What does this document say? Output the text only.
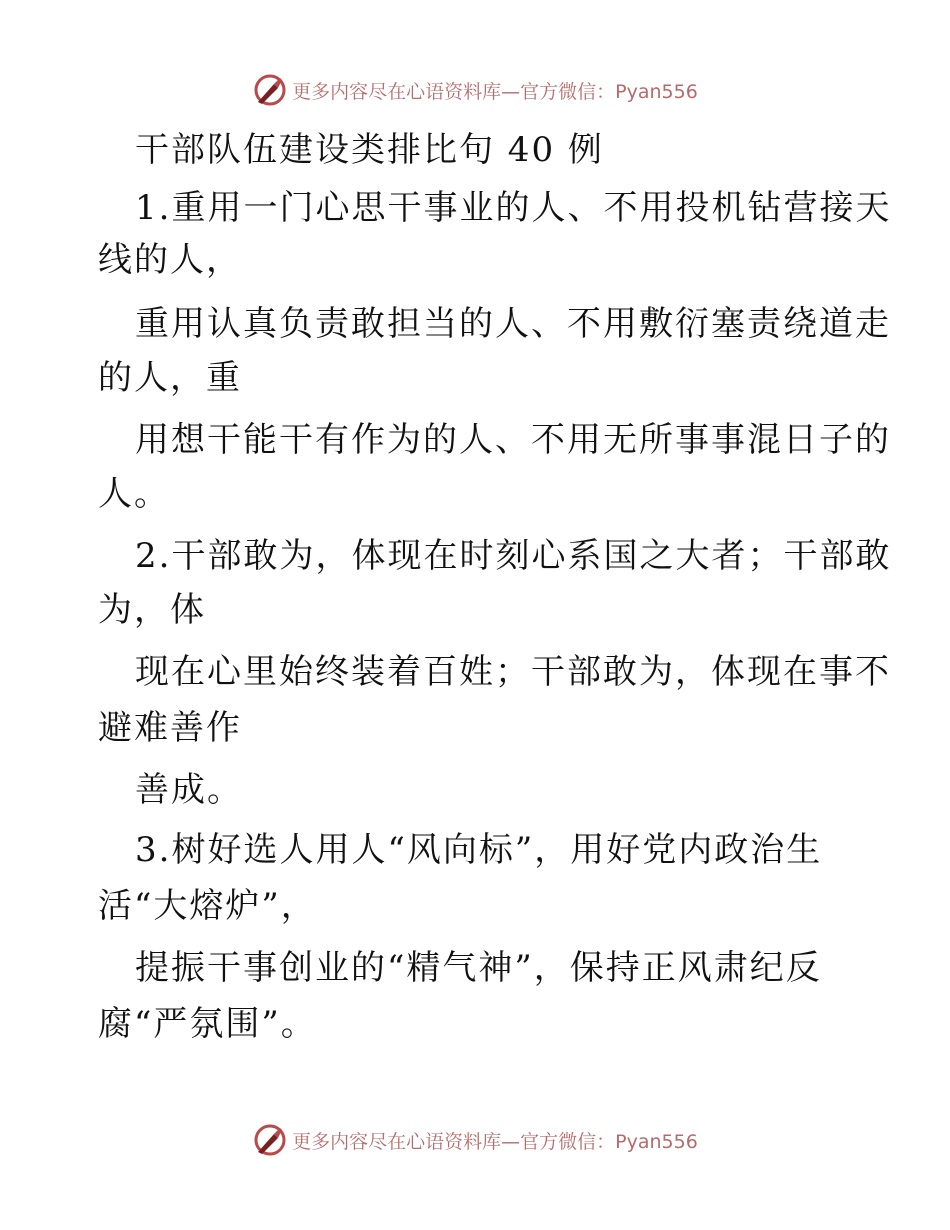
更多内容尽在心语资料库—官方微信：Pyan556
干部队伍建设类排比句 40 例
1.重用一门心思干事业的人、不用投机钻营接天
线的人，
重用认真负责敢担当的人、不用敷衍塞责绕道走
的人，重
用想干能干有作为的人、不用无所事事混日子的
人。
2.干部敢为，体现在时刻心系国之大者；干部敢
为，体
现在心里始终装着百姓；干部敢为，体现在事不
避难善作
善成。
3.树好选人用人“风向标”，用好党内政治生
活“大熔炉”，
提振干事创业的“精气神”，保持正风肃纪反
腐“严氛围”。
更多内容尽在心语资料库—官方微信：Pyan556
